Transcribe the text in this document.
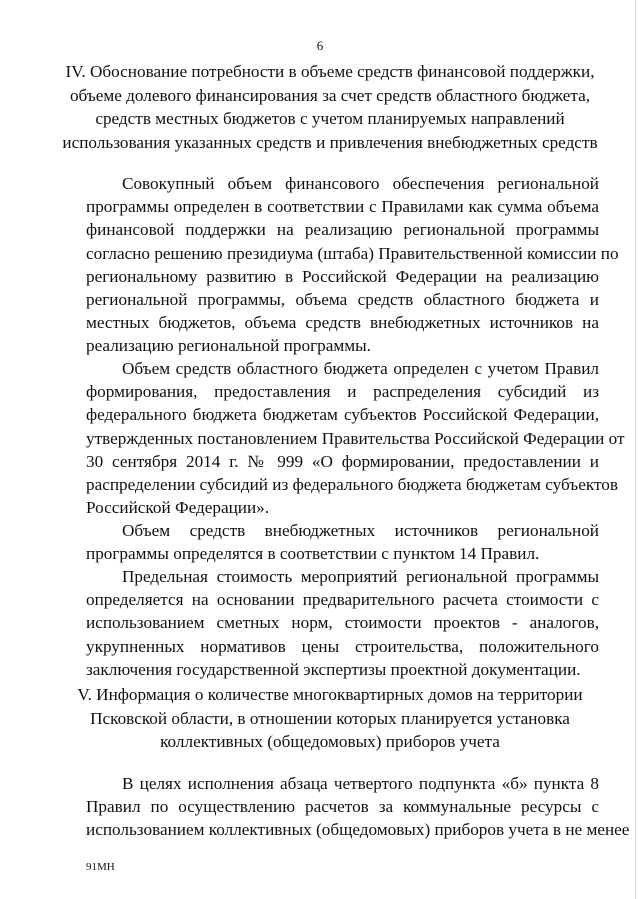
6
IV. Обоснование потребности в объеме средств финансовой поддержки,
объеме долевого финансирования за счет средств областного бюджета,
средств местных бюджетов с учетом планируемых направлений
использования указанных средств и привлечения внебюджетных средств
Совокупный объем финансового обеспечения региональной
программы определен в соответствии с Правилами как сумма объема
финансовой поддержки на реализацию региональной программы
согласно решению президиума (штаба) Правительственной комиссии по
региональному развитию в Российской Федерации на реализацию
региональной программы, объема средств областного бюджета и
местных бюджетов, объема средств внебюджетных источников на
реализацию региональной программы.
Объем средств областного бюджета определен с учетом Правил
формирования, предоставления и распределения субсидий из
федерального бюджета бюджетам субъектов Российской Федерации,
утвержденных постановлением Правительства Российской Федерации от
30 сентября 2014 г. № 999 «О формировании, предоставлении и
распределении субсидий из федерального бюджета бюджетам субъектов
Российской Федерации».
Объем средств внебюджетных источников региональной
программы определятся в соответствии с пунктом 14 Правил.
Предельная стоимость мероприятий региональной программы
определяется на основании предварительного расчета стоимости с
использованием сметных норм, стоимости проектов - аналогов,
укрупненных нормативов цены строительства, положительного
заключения государственной экспертизы проектной документации.
V. Информация о количестве многоквартирных домов на территории
Псковской области, в отношении которых планируется установка
коллективных (общедомовых) приборов учета
В целях исполнения абзаца четвертого подпункта «б» пункта 8
Правил по осуществлению расчетов за коммунальные ресурсы с
использованием коллективных (общедомовых) приборов учета в не менее
91МН
